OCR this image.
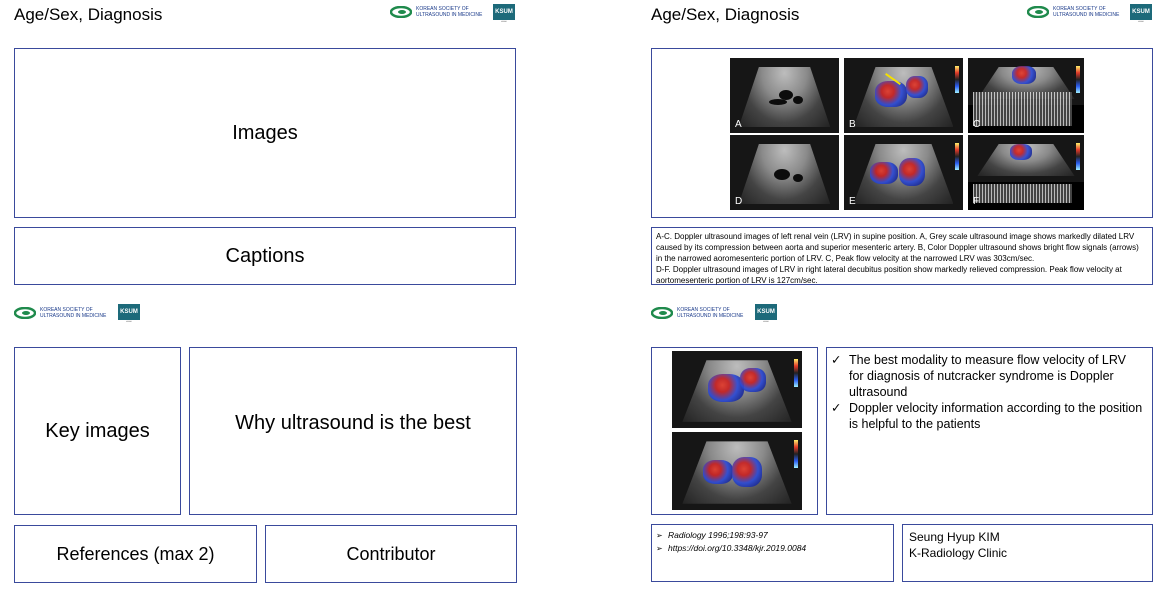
Age/Sex, Diagnosis	KOREAN SOCIETY OF
ULTRASOUND IN MEDICINE	KSUM
▪▪▪▪▪▪
Images
Captions
KOREAN SOCIETY OF
ULTRASOUND IN MEDICINE
KSUM
▪▪▪▪▪▪
Key images	Why ultrasound is the best
References (max 2)	Contributor
Age/Sex, Diagnosis	KOREAN SOCIETY OF
ULTRASOUND IN MEDICINE	KSUM
▪▪▪▪▪▪
A	B	C
D	E	F
A-C. Doppler ultrasound images of left renal vein (LRV) in supine position. A, Grey scale ultrasound image shows markedly dilated LRV
caused by its compression between aorta and superior mesenteric artery. B, Color Doppler ultrasound shows bright flow signals (arrows)
in the narrowed aoromesenteric portion of LRV. C, Peak flow velocity at the narrowed LRV was 303cm/sec.
D-F. Doppler ultrasound images of LRV in right lateral decubitus position show markedly relieved compression. Peak flow velocity at
aortomesenteric portion of LRV is 127cm/sec.
KOREAN SOCIETY OF
ULTRASOUND IN MEDICINE
KSUM
▪▪▪▪▪▪
✓ The best modality to measure flow velocity of LRV for diagnosis of nutcracker syndrome is Doppler ultrasound
✓ Doppler velocity information according to the position is helpful to the patients
➢ Radiology 1996;198:93-97
➢ https://doi.org/10.3348/kjr.2019.0084
Seung Hyup KIM
K-Radiology Clinic
